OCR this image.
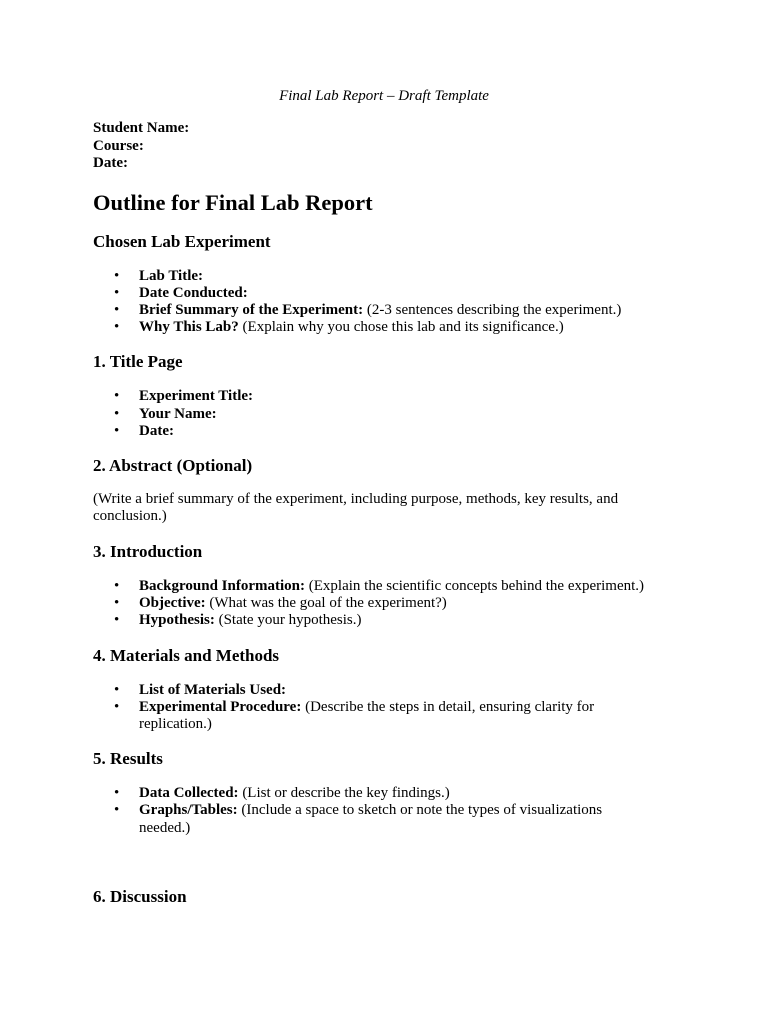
Final Lab Report – Draft Template

Student Name:

Course:

Date:

Outline for Final Lab Report
Chosen Lab Experiment
• Lab Title:
• Date Conducted:
• Brief Summary of the Experiment: (2-3 sentences describing the experiment.)
• Why This Lab? (Explain why you chose this lab and its significance.)
1. Title Page
• Experiment Title:
• Your Name:
• Date:
2. Abstract (Optional)

(Write a brief summary of the experiment, including purpose, methods, key results, and conclusion.)

3. Introduction
• Background Information: (Explain the scientific concepts behind the experiment.)
• Objective: (What was the goal of the experiment?)
• Hypothesis: (State your hypothesis.)
4. Materials and Methods
• List of Materials Used:
• Experimental Procedure: (Describe the steps in detail, ensuring clarity for replication.)
5. Results
• Data Collected: (List or describe the key findings.)
• Graphs/Tables: (Include a space to sketch or note the types of visualizations needed.)
6. Discussion
